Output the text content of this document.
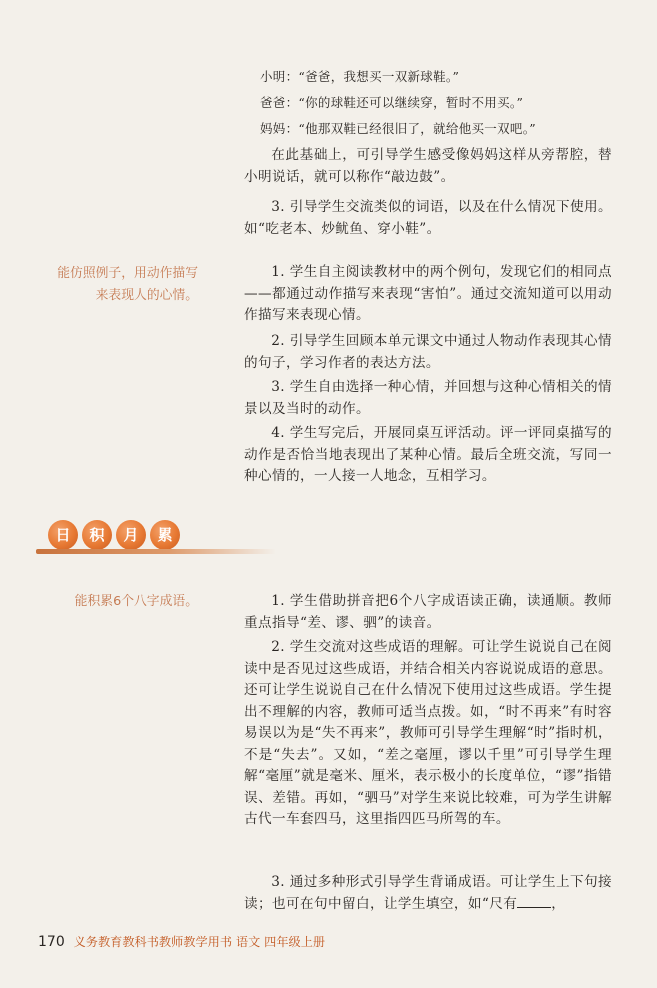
小明：“爸爸，我想买一双新球鞋。”
爸爸：“你的球鞋还可以继续穿，暂时不用买。”
妈妈：“他那双鞋已经很旧了，就给他买一双吧。”
在此基础上，可引导学生感受像妈妈这样从旁帮腔，替小明说话，就可以称作“敲边鼓”。
3. 引导学生交流类似的词语，以及在什么情况下使用。如“吃老本、炒鱿鱼、穿小鞋”。
能仿照例子，用动作描写来表现人的心情。
1. 学生自主阅读教材中的两个例句，发现它们的相同点——都通过动作描写来表现“害怕”。通过交流知道可以用动作描写来表现心情。
2. 引导学生回顾本单元课文中通过人物动作表现其心情的句子，学习作者的表达方法。
3. 学生自由选择一种心情，并回想与这种心情相关的情景以及当时的动作。
4. 学生写完后，开展同桌互评活动。评一评同桌描写的动作是否恰当地表现出了某种心情。最后全班交流，写同一种心情的，一人接一人地念，互相学习。
日	积	月	累
能积累6个八字成语。	1. 学生借助拼音把6个八字成语读正确，读通顺。教师重点指导“差、谬、驷”的读音。
2. 学生交流对这些成语的理解。可让学生说说自己在阅读中是否见过这些成语，并结合相关内容说说成语的意思。还可让学生说说自己在什么情况下使用过这些成语。学生提出不理解的内容，教师可适当点拨。如，“时不再来”有时容易误以为是“失不再来”，教师可引导学生理解“时”指时机，不是“失去”。又如，“差之毫厘，谬以千里”可引导学生理解“毫厘”就是毫米、厘米，表示极小的长度单位，“谬”指错误、差错。再如，“驷马”对学生来说比较难，可为学生讲解古代一车套四马，这里指四匹马所驾的车。
3. 通过多种形式引导学生背诵成语。可让学生上下句接读；也可在句中留白，让学生填空，如“尺有	，
170 义务教育教科书教师教学用书 语文 四年级上册
